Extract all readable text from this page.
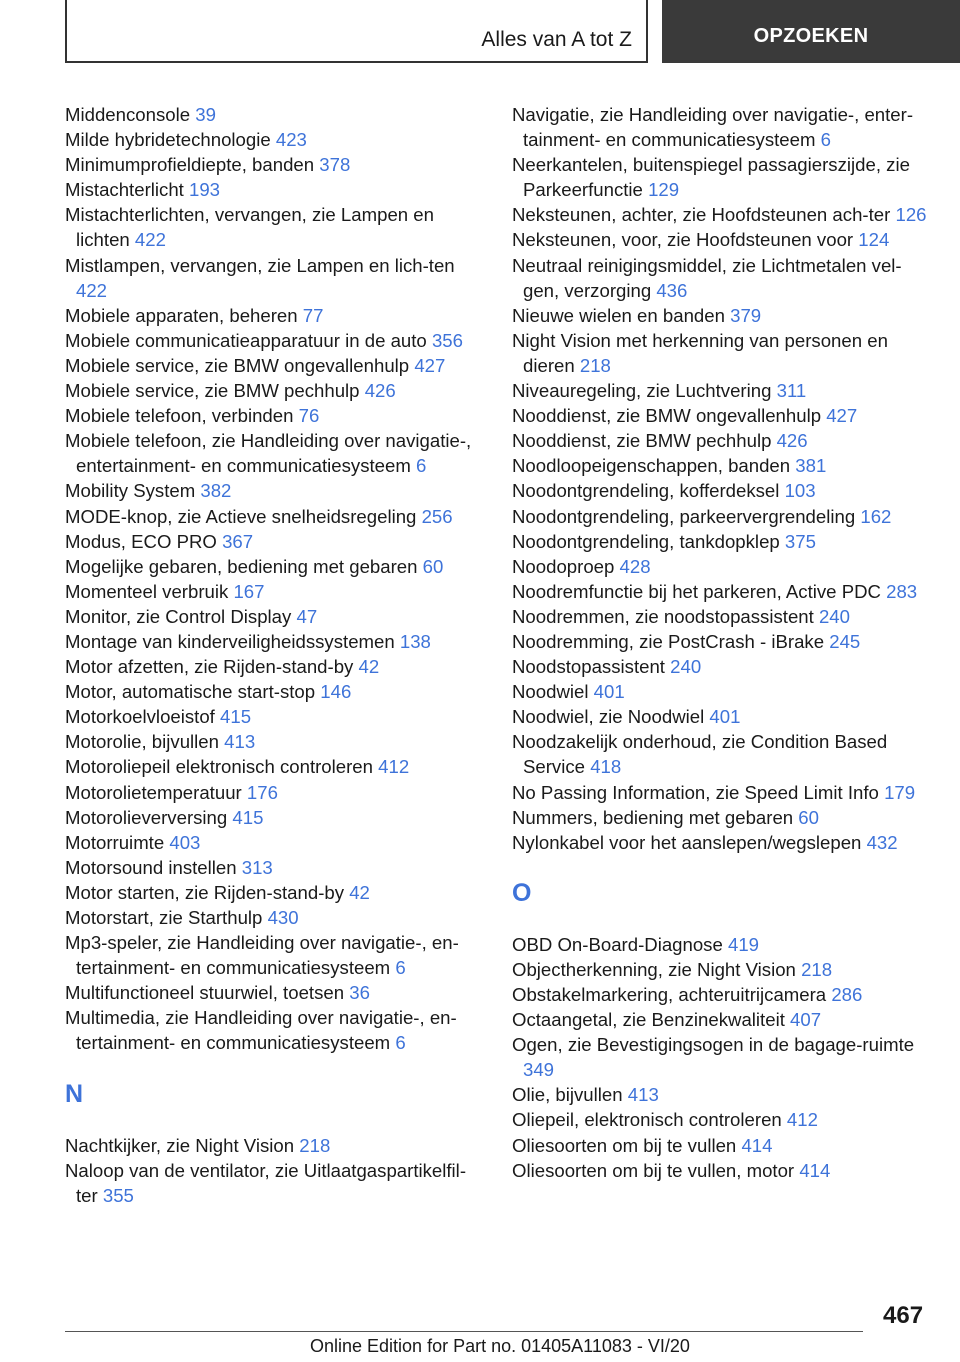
Alles van A tot Z	OPZOEKEN
Middenconsole 39
Milde hybridetechnologie 423
Minimumprofieldiepte, banden 378
Mistachterlicht 193
Mistachterlichten, vervangen, zie Lampen en lichten 422
Mistlampen, vervangen, zie Lampen en lich-ten 422
Mobiele apparaten, beheren 77
Mobiele communicatieapparatuur in de auto 356
Mobiele service, zie BMW ongevallenhulp 427
Mobiele service, zie BMW pechhulp 426
Mobiele telefoon, verbinden 76
Mobiele telefoon, zie Handleiding over navigatie-, entertainment- en communicatiesysteem 6
Mobility System 382
MODE-knop, zie Actieve snelheidsregeling 256
Modus, ECO PRO 367
Mogelijke gebaren, bediening met gebaren 60
Momenteel verbruik 167
Monitor, zie Control Display 47
Montage van kinderveiligheidssystemen 138
Motor afzetten, zie Rijden-stand-by 42
Motor, automatische start-stop 146
Motorkoelvloeistof 415
Motorolie, bijvullen 413
Motoroliepeil elektronisch controleren 412
Motorolietemperatuur 176
Motorolieverversing 415
Motorruimte 403
Motorsound instellen 313
Motor starten, zie Rijden-stand-by 42
Motorstart, zie Starthulp 430
Mp3-speler, zie Handleiding over navigatie-, en-tertainment- en communicatiesysteem 6
Multifunctioneel stuurwiel, toetsen 36
Multimedia, zie Handleiding over navigatie-, en-tertainment- en communicatiesysteem 6
N
Nachtkijker, zie Night Vision 218
Naloop van de ventilator, zie Uitlaatgaspartikelfil-ter 355
Navigatie, zie Handleiding over navigatie-, enter-tainment- en communicatiesysteem 6
Neerkantelen, buitenspiegel passagierszijde, zie Parkeerfunctie 129
Neksteunen, achter, zie Hoofdsteunen ach-ter 126
Neksteunen, voor, zie Hoofdsteunen voor 124
Neutraal reinigingsmiddel, zie Lichtmetalen vel-gen, verzorging 436
Nieuwe wielen en banden 379
Night Vision met herkenning van personen en dieren 218
Niveauregeling, zie Luchtvering 311
Nooddienst, zie BMW ongevallenhulp 427
Nooddienst, zie BMW pechhulp 426
Noodloopeigenschappen, banden 381
Noodontgrendeling, kofferdeksel 103
Noodontgrendeling, parkeervergrendeling 162
Noodontgrendeling, tankdopklep 375
Noodoproep 428
Noodremfunctie bij het parkeren, Active PDC 283
Noodremmen, zie noodstopassistent 240
Noodremming, zie PostCrash - iBrake 245
Noodstopassistent 240
Noodwiel 401
Noodwiel, zie Noodwiel 401
Noodzakelijk onderhoud, zie Condition Based Service 418
No Passing Information, zie Speed Limit Info 179
Nummers, bediening met gebaren 60
Nylonkabel voor het aanslepen/wegslepen 432
O
OBD On-Board-Diagnose 419
Objectherkenning, zie Night Vision 218
Obstakelmarkering, achteruitrijcamera 286
Octaangetal, zie Benzinekwaliteit 407
Ogen, zie Bevestigingsogen in de bagage-ruimte 349
Olie, bijvullen 413
Oliepeil, elektronisch controleren 412
Oliesoorten om bij te vullen 414
Oliesoorten om bij te vullen, motor 414
467
Online Edition for Part no. 01405A11083 - VI/20
